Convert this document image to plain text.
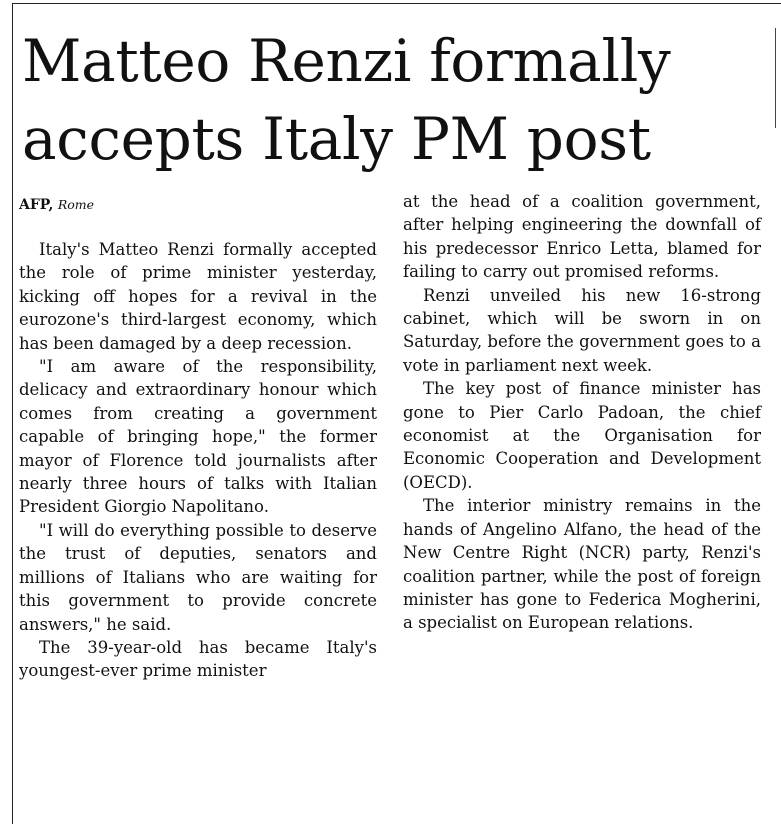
Matteo Renzi formally accepts Italy PM post
AFP, Rome

Italy's Matteo Renzi formally accepted the role of prime minister yesterday, kicking off hopes for a revival in the eurozone's third-largest economy, which has been damaged by a deep recession.

"I am aware of the responsibility, delicacy and extraordinary honour which comes from creating a government capable of bringing hope," the former mayor of Florence told journalists after nearly three hours of talks with Italian President Giorgio Napolitano.

"I will do everything possible to deserve the trust of deputies, senators and millions of Italians who are waiting for this government to provide concrete answers," he said.

The 39-year-old has became Italy's youngest-ever prime minister

at the head of a coalition government, after helping engineering the downfall of his predecessor Enrico Letta, blamed for failing to carry out promised reforms.

Renzi unveiled his new 16-strong cabinet, which will be sworn in on Saturday, before the government goes to a vote in parliament next week.

The key post of finance minister has gone to Pier Carlo Padoan, the chief economist at the Organisation for Economic Cooperation and Development (OECD).

The interior ministry remains in the hands of Angelino Alfano, the head of the New Centre Right (NCR) party, Renzi's coalition partner, while the post of foreign minister has gone to Federica Mogherini, a specialist on European relations.
